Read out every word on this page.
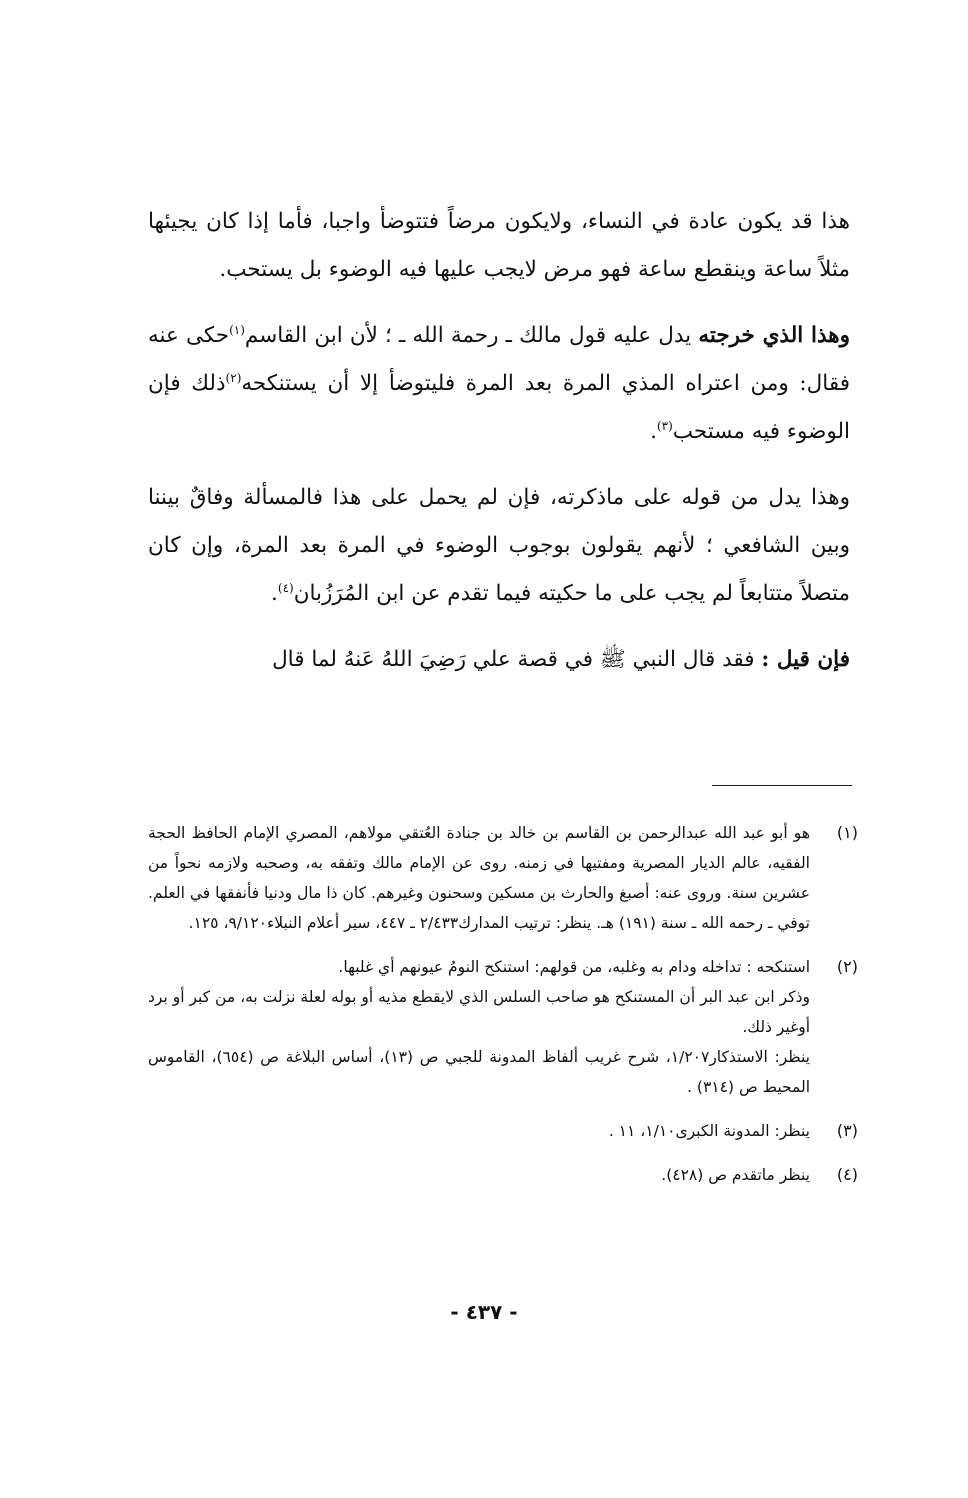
هذا قد يكون عادة في النساء، ولايكون مرضاً فتتوضأ واجبا، فأما إذا كان يجيئها مثلاً ساعة وينقطع ساعة فهو مرض لايجب عليها فيه الوضوء بل يستحب.

وهذا الذي خرجته يدل عليه قول مالك ـ رحمة الله ـ ؛ لأن ابن القاسم$^{(١)}$حكى عنه فقال: ومن اعتراه المذي المرة بعد المرة فليتوضأ إلا أن يستنكحه$^{(٢)}$ذلك فإن الوضوء فيه مستحب$^{(٣)}$.

وهذا يدل من قوله على ماذكرته، فإن لم يحمل على هذا فالمسألة وفاقٌ بيننا وبين الشافعي ؛ لأنهم يقولون بوجوب الوضوء في المرة بعد المرة، وإن كان متصلاً متتابعاً لم يجب على ما حكيته فيما تقدم عن ابن المُرَزُبان$^{(٤)}$.

فإن قيل : فقد قال النبي ﷺ في قصة علي رَضِيَ اللهُ عَنهُ لما قال

(١)
هو أبو عبد الله عبدالرحمن بن القاسم بن خالد بن جنادة العُتقي مولاهم، المصري الإمام الحافظ الحجة الفقيه، عالم الديار المصرية ومفتيها في زمنه. روى عن الإمام مالك وتفقه به، وصحبه ولازمه نحواً من عشرين سنة. وروى عنه: أصبغ والحارث بن مسكين وسحنون وغيرهم. كان ذا مال ودنيا فأنفقها في العلم. توفي ـ رحمه الله ـ سنة (١٩١) هـ. ينظر: ترتيب المدارك٢/٤٣٣ ـ ٤٤٧، سير أعلام النبلاء٩/١٢٠، ١٢٥.
(٢)
استنكحه : تداخله ودام به وغلبه، من قولهم: استنكح النومُ عيونهم أي غلبها.
وذكر ابن عبد البر أن المستنكح هو صاحب السلس الذي لايقطع مذيه أو بوله لعلة نزلت به، من كبر أو برد أوغير ذلك.
ينظر: الاستذكار١/٢٠٧، شرح غريب ألفاظ المدونة للجبي ص (١٣)، أساس البلاغة ص (٦٥٤)، القاموس المحيط ص (٣١٤) .
(٣)
ينظر: المدونة الكبرى١/١٠، ١١ .
(٤)
ينظر ماتقدم ص (٤٢٨).
- ٤٣٧ -
